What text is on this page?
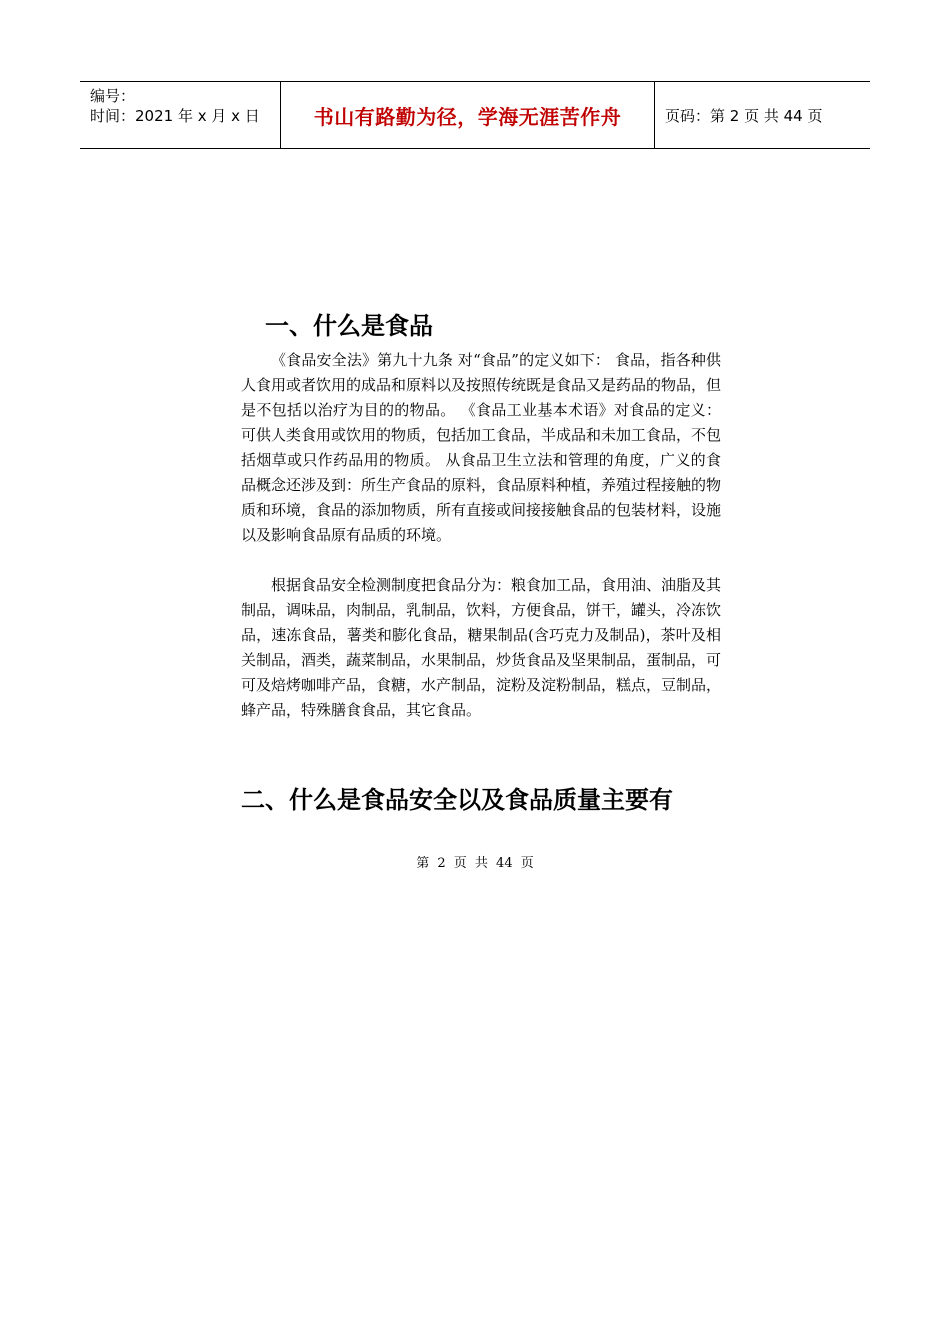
编号：
时间：2021 年 x 月 x 日	书山有路勤为径，学海无涯苦作舟	页码：第 2 页 共 44 页
一、什么是食品

《食品安全法》第九十九条 对“食品”的定义如下： 食品，指各种供人食用或者饮用的成品和原料以及按照传统既是食品又是药品的物品，但是不包括以治疗为目的的物品。 《食品工业基本术语》对食品的定义：可供人类食用或饮用的物质，包括加工食品，半成品和未加工食品，不包括烟草或只作药品用的物质。 从食品卫生立法和管理的角度，广义的食品概念还涉及到：所生产食品的原料，食品原料种植，养殖过程接触的物质和环境，食品的添加物质，所有直接或间接接触食品的包装材料，设施以及影响食品原有品质的环境。

根据食品安全检测制度把食品分为：粮食加工品，食用油、油脂及其制品，调味品，肉制品，乳制品，饮料，方便食品，饼干，罐头，冷冻饮品，速冻食品，薯类和膨化食品，糖果制品(含巧克力及制品)，茶叶及相关制品，酒类，蔬菜制品，水果制品，炒货食品及坚果制品，蛋制品，可可及焙烤咖啡产品，食糖，水产制品，淀粉及淀粉制品，糕点，豆制品，蜂产品，特殊膳食食品，其它食品。

二、什么是食品安全以及食品质量主要有
第 2 页 共 44 页
